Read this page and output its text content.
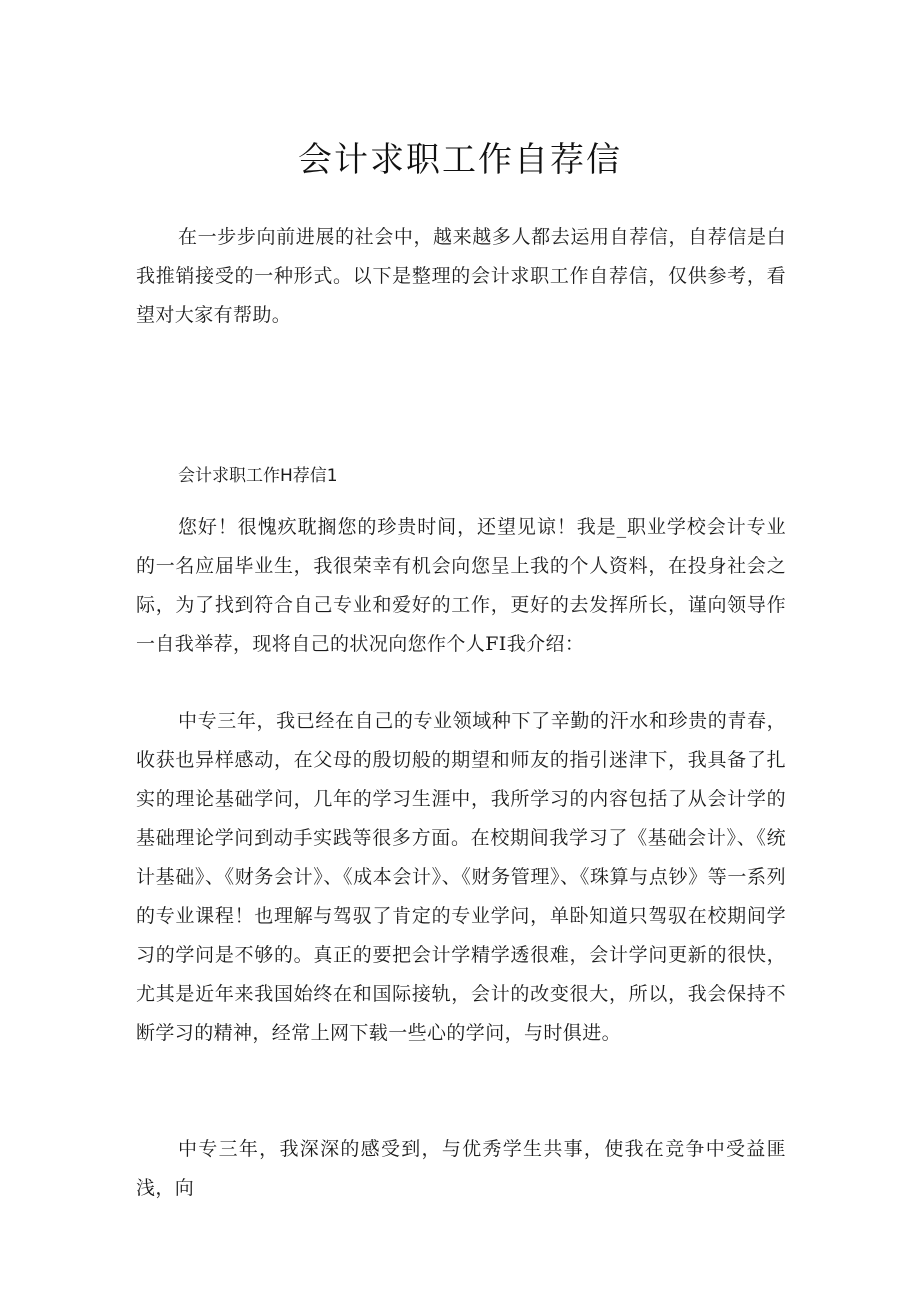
会计求职工作自荐信

在一步步向前进展的社会中，越来越多人都去运用自荐信，自荐信是白我推销接受的一种形式。以下是整理的会计求职工作自荐信，仅供参考，看望对大家有帮助。

会计求职工作H荐信1

您好！很愧疚耽搁您的珍贵时间，还望见谅！我是_职业学校会计专业的一名应届毕业生，我很荣幸有机会向您呈上我的个人资料，在投身社会之际，为了找到符合自己专业和爱好的工作，更好的去发挥所长，谨向领导作一自我举荐，现将自己的状况向您作个人FI我介绍：

中专三年，我已经在自己的专业领域种下了辛勤的汗水和珍贵的青春，收获也异样感动，在父母的殷切般的期望和师友的指引迷津下，我具备了扎实的理论基础学问，几年的学习生涯中，我所学习的内容包括了从会计学的基础理论学问到动手实践等很多方面。在校期间我学习了《基础会计》、《统计基础》、《财务会计》、《成本会计》、《财务管理》、《珠算与点钞》等一系列的专业课程！也理解与驾驭了肯定的专业学问，单卧知道只驾驭在校期间学习的学问是不够的。真正的要把会计学精学透很难，会计学问更新的很快，尤其是近年来我国始终在和国际接轨，会计的改变很大，所以，我会保持不断学习的精神，经常上网下载一些心的学问，与时俱进。

中专三年，我深深的感受到，与优秀学生共事，使我在竞争中受益匪浅，向
